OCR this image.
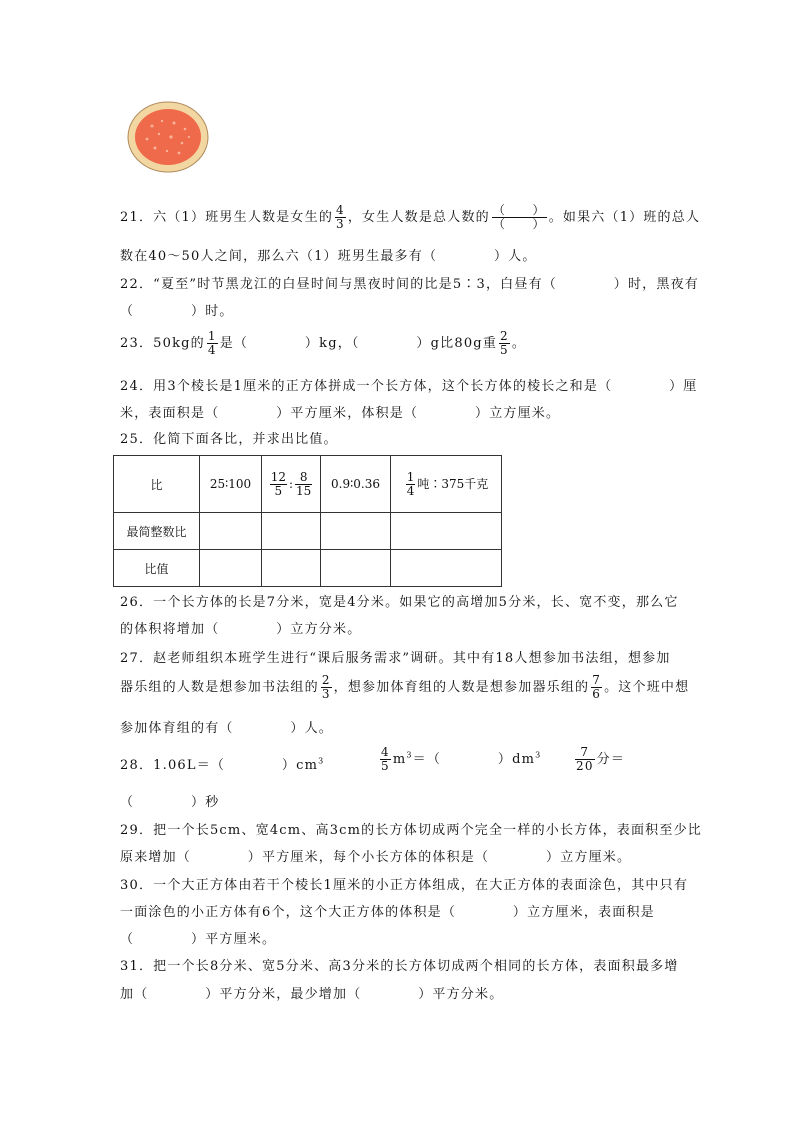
21．六（1）班男生人数是女生的 $\frac{4}{3}$ ，女生人数是总人数的 $\frac{( )}{( )}$ 。如果六（1）班的总人
数在40～50人之间，那么六（1）班男生最多有（　　　　）人。
22．“夏至”时节黑龙江的白昼时间与黑夜时间的比是5∶3，白昼有（　　　　）时，黑夜有
（　　　　）时。
23．50kg的 $\frac{1}{4}$ 是（　　　　）kg，（　　　　）g比80g重 $\frac{2}{5}$ 。
24．用3个棱长是1厘米的正方体拼成一个长方体，这个长方体的棱长之和是（　　　　）厘
米，表面积是（　　　　）平方厘米，体积是（　　　　）立方厘米。
25．化简下面各比，并求出比值。
比	25∶100	$\frac{12}{5}$ : $\frac{8}{15}$	0.9∶0.36	$\frac{1}{4}$ 吨∶375千克
最简整数比				
比值				
26．一个长方体的长是7分米，宽是4分米。如果它的高增加5分米，长、宽不变，那么它
的体积将增加（　　　　）立方分米。
27．赵老师组织本班学生进行“课后服务需求”调研。其中有18人想参加书法组，想参加
器乐组的人数是想参加书法组的 $\frac{2}{3}$ ，想参加体育组的人数是想参加器乐组的 $\frac{7}{6}$ 。这个班中想
参加体育组的有（　　　　）人。
28．1.06L＝（　　　　）$cm^3$	$\frac{4}{5} m^3=$（　　　　）$dm^3$	$\frac{7}{20}$ 分＝
（　　　　）秒
29．把一个长5cm、宽4cm、高3cm的长方体切成两个完全一样的小长方体，表面积至少比
原来增加（　　　　）平方厘米，每个小长方体的体积是（　　　　）立方厘米。
30．一个大正方体由若干个棱长1厘米的小正方体组成，在大正方体的表面涂色，其中只有
一面涂色的小正方体有6个，这个大正方体的体积是（　　　　）立方厘米，表面积是
（　　　　）平方厘米。
31．把一个长8分米、宽5分米、高3分米的长方体切成两个相同的长方体，表面积最多增
加（　　　　）平方分米，最少增加（　　　　）平方分米。
